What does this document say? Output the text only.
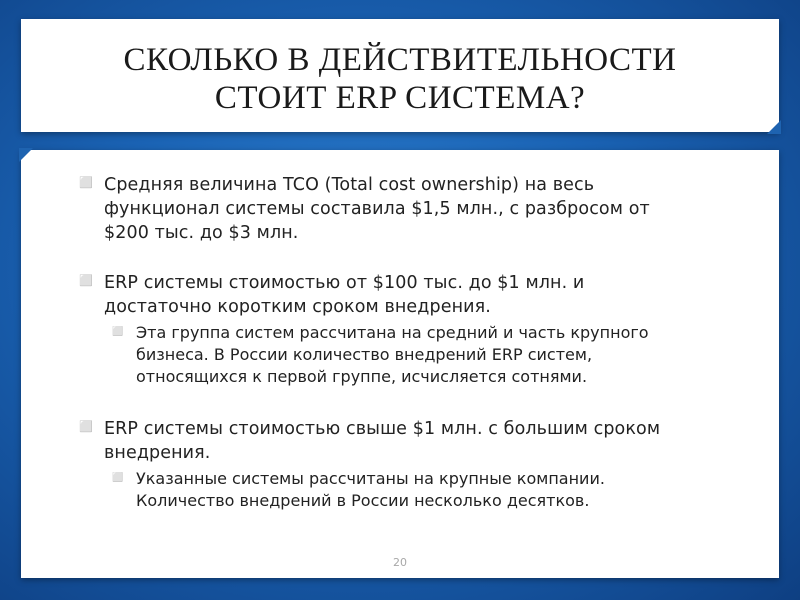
СКОЛЬКО В ДЕЙСТВИТЕЛЬНОСТИ
СТОИТ ERP СИСТЕМА?
⬜ Средняя величина TCO (Total cost ownership) на весь
функционал системы составила $1,5 млн., с разбросом от
$200 тыс. до $3 млн.
⬜ ERP системы стоимостью от $100 тыс. до $1 млн. и
достаточно коротким сроком внедрения.
⬜ Эта группа систем рассчитана на средний и часть крупного
бизнеса. В России количество внедрений ERP систем,
относящихся к первой группе, исчисляется сотнями.
⬜ ERP системы стоимостью свыше $1 млн. с большим сроком
внедрения.
⬜ Указанные системы рассчитаны на крупные компании.
Количество внедрений в России несколько десятков.
20
